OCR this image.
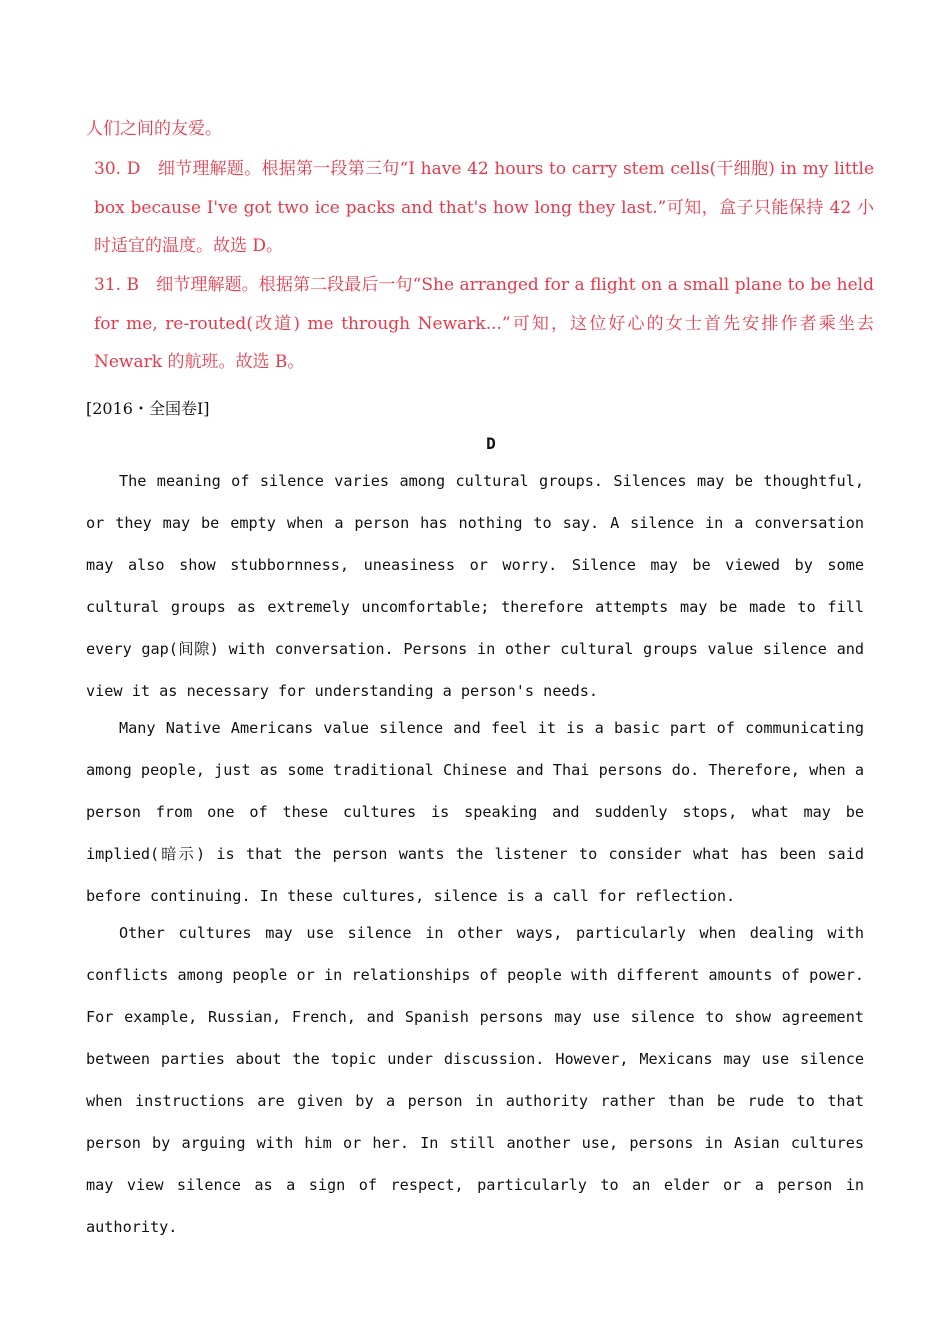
人们之间的友爱。
30. D　细节理解题。根据第一段第三句“I have 42 hours to carry stem cells(干细胞) in my little box because I've got two ice packs and that's how long they last.”可知，盒子只能保持 42 小时适宜的温度。故选 D。
31. B　细节理解题。根据第二段最后一句“She arranged for a flight on a small plane to be held for me, re-routed(改道) me through Newark...”可知，这位好心的女士首先安排作者乘坐去 Newark 的航班。故选 B。
[2016・全国卷Ⅰ]
D
The meaning of silence varies among cultural groups. Silences may be thoughtful, or they may be empty when a person has nothing to say. A silence in a conversation may also show stubbornness, uneasiness or worry. Silence may be viewed by some cultural groups as extremely uncomfortable; therefore attempts may be made to fill every gap(间隙) with conversation. Persons in other cultural groups value silence and view it as necessary for understanding a person's needs.
Many Native Americans value silence and feel it is a basic part of communicating among people, just as some traditional Chinese and Thai persons do. Therefore, when a person from one of these cultures is speaking and suddenly stops, what may be implied(暗示) is that the person wants the listener to consider what has been said before continuing. In these cultures, silence is a call for reflection.
Other cultures may use silence in other ways, particularly when dealing with conflicts among people or in relationships of people with different amounts of power. For example, Russian, French, and Spanish persons may use silence to show agreement between parties about the topic under discussion. However, Mexicans may use silence when instructions are given by a person in authority rather than be rude to that person by arguing with him or her. In still another use, persons in Asian cultures may view silence as a sign of respect, particularly to an elder or a person in authority.
